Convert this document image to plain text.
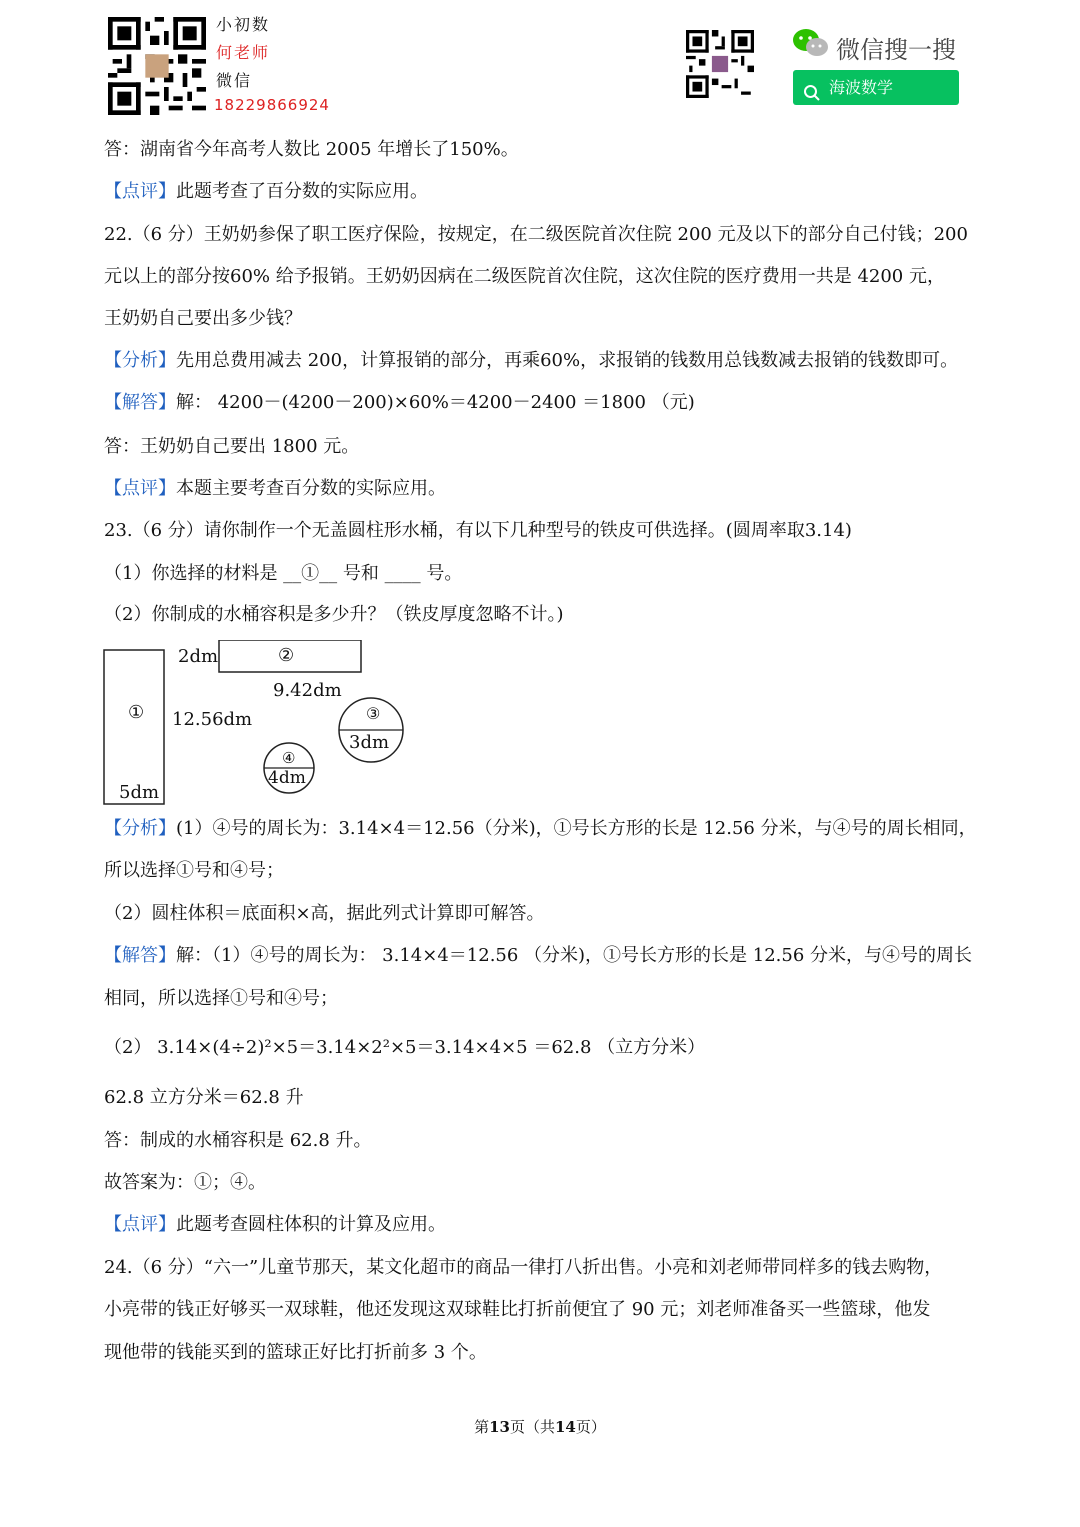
小初数
何老师
微信
18229866924
微信搜一搜
海波数学
答：湖南省今年高考人数比 2005 年增长了150%。
【点评】此题考查了百分数的实际应用。
22.（6 分）王奶奶参保了职工医疗保险，按规定，在二级医院首次住院 200 元及以下的部分自己付钱；200
元以上的部分按60% 给予报销。王奶奶因病在二级医院首次住院，这次住院的医疗费用一共是 4200 元，
王奶奶自己要出多少钱？
【分析】先用总费用减去 200，计算报销的部分，再乘60%，求报销的钱数用总钱数减去报销的钱数即可。
【解答】解： 4200－(4200－200)×60%＝4200－2400 ＝1800 （元)
答：王奶奶自己要出 1800 元。
【点评】本题主要考查百分数的实际应用。
23.（6 分）请你制作一个无盖圆柱形水桶，有以下几种型号的铁皮可供选择。(圆周率取3.14)
（1）你选择的材料是 __①__ 号和 ____ 号。
（2）你制成的水桶容积是多少升？（铁皮厚度忽略不计。)
① 12.56dm
5dm
2dm	②
9.42dm
③
3dm
④
4dm
【分析】(1）④号的周长为：3.14×4＝12.56（分米)，①号长方形的长是 12.56 分米，与④号的周长相同，
所以选择①号和④号；
（2）圆柱体积＝底面积×高，据此列式计算即可解答。
【解答】解：（1）④号的周长为： 3.14×4＝12.56 （分米)，①号长方形的长是 12.56 分米，与④号的周长
相同，所以选择①号和④号；
（2） 3.14×(4÷2)²×5＝3.14×2²×5＝3.14×4×5 ＝62.8 （立方分米）
62.8 立方分米＝62.8 升
答：制成的水桶容积是 62.8 升。
故答案为：①；④。
【点评】此题考查圆柱体积的计算及应用。
24.（6 分）“六一”儿童节那天，某文化超市的商品一律打八折出售。小亮和刘老师带同样多的钱去购物，
小亮带的钱正好够买一双球鞋，他还发现这双球鞋比打折前便宜了 90 元；刘老师准备买一些篮球，他发
现他带的钱能买到的篮球正好比打折前多 3 个。
第13页（共14页）
